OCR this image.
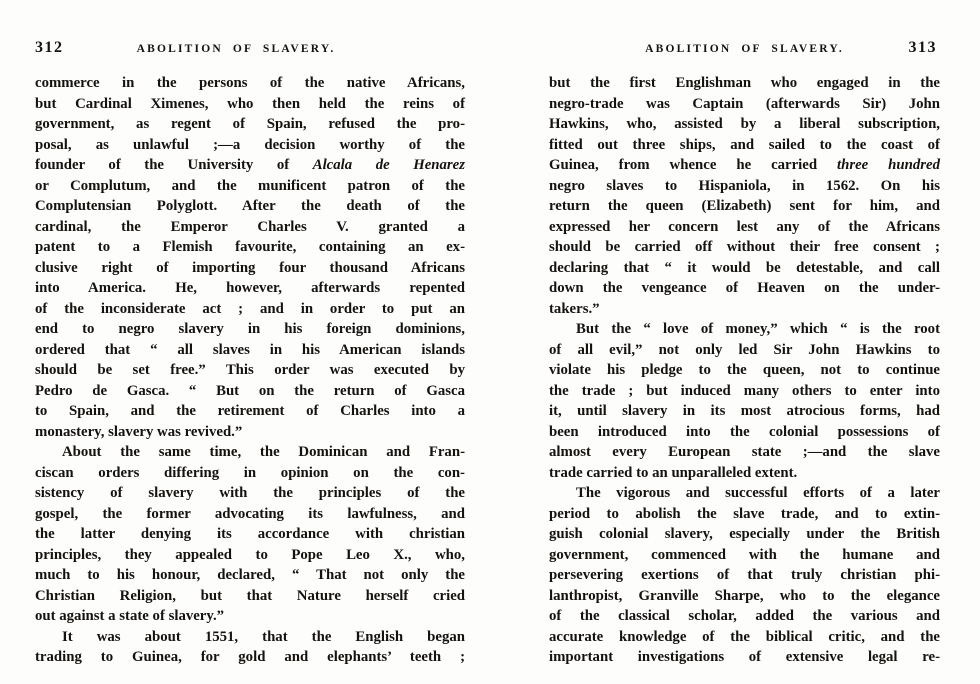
312	ABOLITION OF SLAVERY.
commerce in the persons of the native Africans,
but Cardinal Ximenes, who then held the reins of
government, as regent of Spain, refused the pro-
posal, as unlawful ;—a decision worthy of the
founder of the University of Alcala de Henarez
or Complutum, and the munificent patron of the
Complutensian Polyglott. After the death of the
cardinal, the Emperor Charles V. granted a
patent to a Flemish favourite, containing an ex-
clusive right of importing four thousand Africans
into America. He, however, afterwards repented
of the inconsiderate act ; and in order to put an
end to negro slavery in his foreign dominions,
ordered that “ all slaves in his American islands
should be set free.” This order was executed by
Pedro de Gasca. “ But on the return of Gasca
to Spain, and the retirement of Charles into a
monastery, slavery was revived.”
About the same time, the Dominican and Fran-
ciscan orders differing in opinion on the con-
sistency of slavery with the principles of the
gospel, the former advocating its lawfulness, and
the latter denying its accordance with christian
principles, they appealed to Pope Leo X., who,
much to his honour, declared, “ That not only the
Christian Religion, but that Nature herself cried
out against a state of slavery.”
It was about 1551, that the English began
trading to Guinea, for gold and elephants’ teeth ;
ABOLITION OF SLAVERY.	313
but the first Englishman who engaged in the
negro-trade was Captain (afterwards Sir) John
Hawkins, who, assisted by a liberal subscription,
fitted out three ships, and sailed to the coast of
Guinea, from whence he carried three hundred
negro slaves to Hispaniola, in 1562. On his
return the queen (Elizabeth) sent for him, and
expressed her concern lest any of the Africans
should be carried off without their free consent ;
declaring that “ it would be detestable, and call
down the vengeance of Heaven on the under-
takers.”
But the “ love of money,” which “ is the root
of all evil,” not only led Sir John Hawkins to
violate his pledge to the queen, not to continue
the trade ; but induced many others to enter into
it, until slavery in its most atrocious forms, had
been introduced into the colonial possessions of
almost every European state ;—and the slave
trade carried to an unparalleled extent.
The vigorous and successful efforts of a later
period to abolish the slave trade, and to extin-
guish colonial slavery, especially under the British
government, commenced with the humane and
persevering exertions of that truly christian phi-
lanthropist, Granville Sharpe, who to the elegance
of the classical scholar, added the various and
accurate knowledge of the biblical critic, and the
important investigations of extensive legal re-
